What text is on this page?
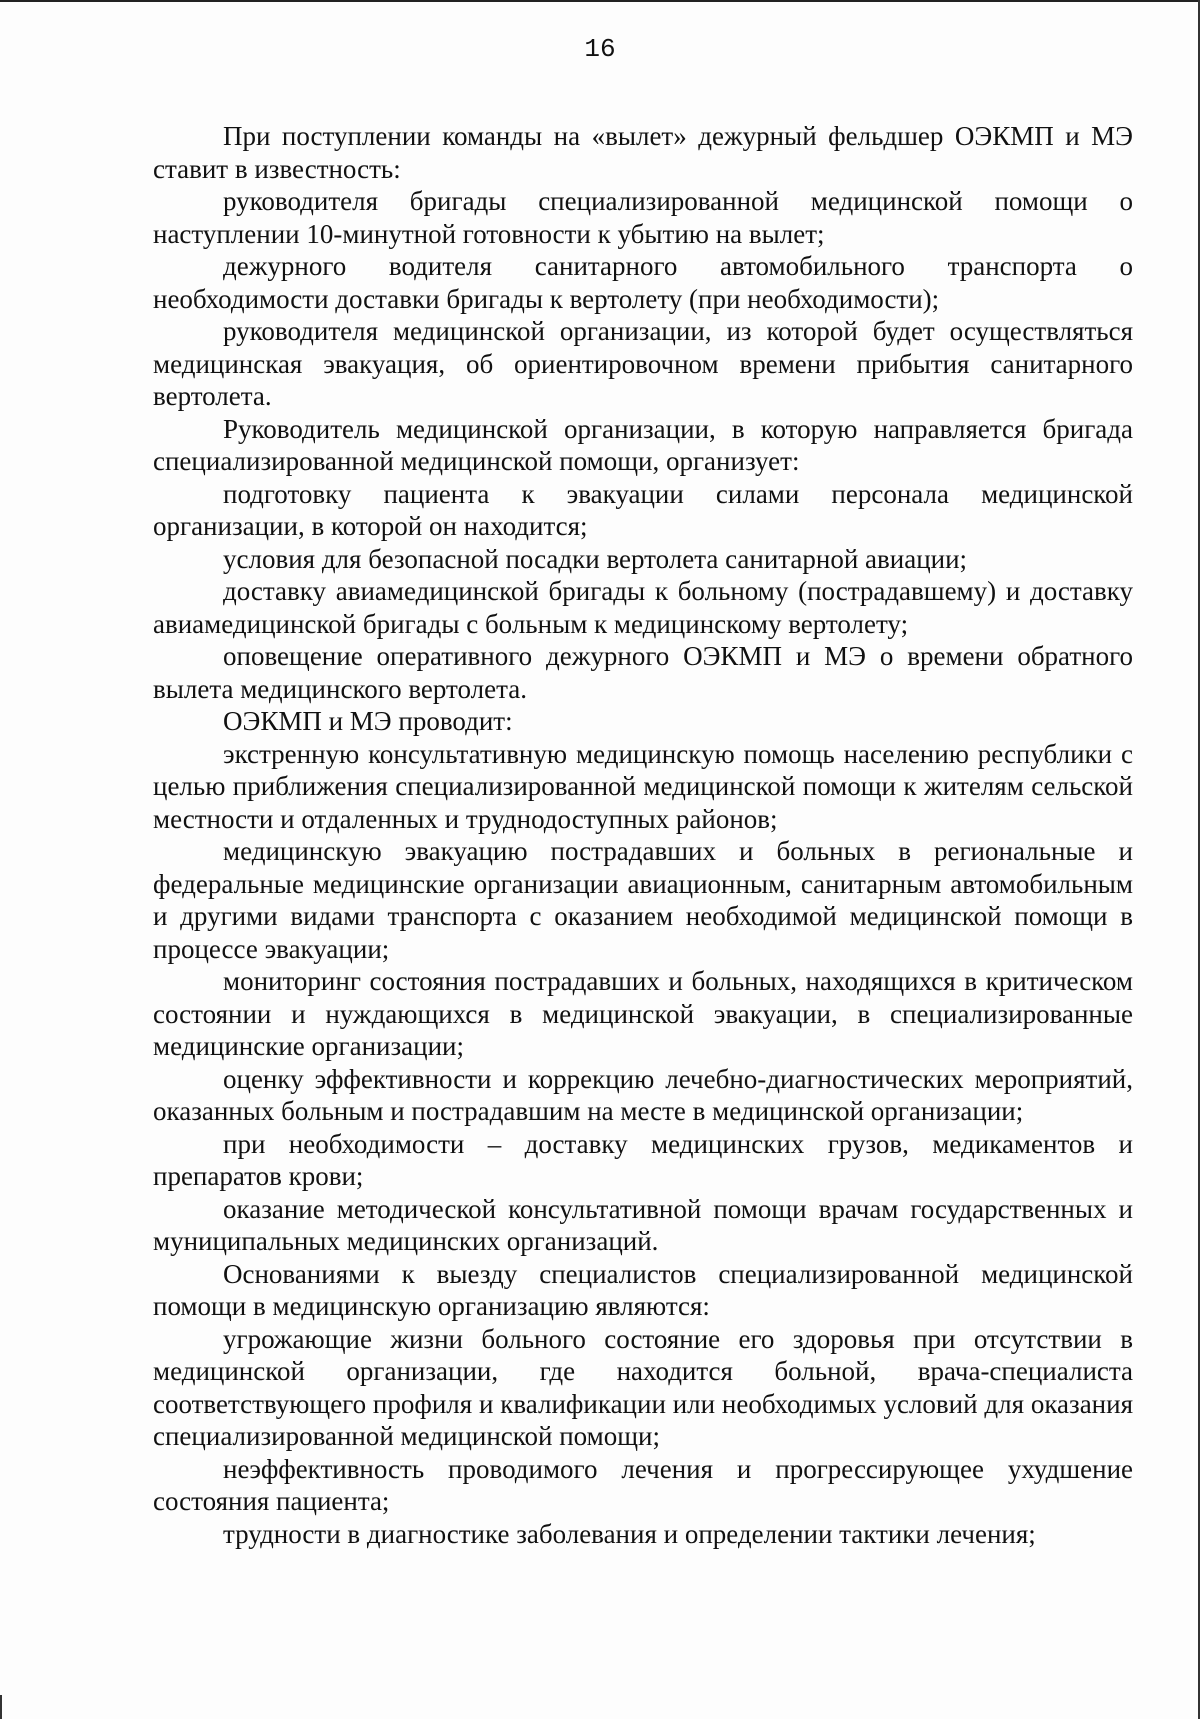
16

При поступлении команды на «вылет» дежурный фельдшер ОЭКМП и МЭ ставит в известность:

руководителя бригады специализированной медицинской помощи о наступлении 10-минутной готовности к убытию на вылет;

дежурного водителя санитарного автомобильного транспорта о необходимости доставки бригады к вертолету (при необходимости);

руководителя медицинской организации, из которой будет осуществляться медицинская эвакуация, об ориентировочном времени прибытия санитарного вертолета.

Руководитель медицинской организации, в которую направляется бригада специализированной медицинской помощи, организует:

подготовку пациента к эвакуации силами персонала медицинской организации, в которой он находится;

условия для безопасной посадки вертолета санитарной авиации;

доставку авиамедицинской бригады к больному (пострадавшему) и доставку авиамедицинской бригады с больным к медицинскому вертолету;

оповещение оперативного дежурного ОЭКМП и МЭ о времени обратного вылета медицинского вертолета.

ОЭКМП и МЭ проводит:

экстренную консультативную медицинскую помощь населению республики с целью приближения специализированной медицинской помощи к жителям сельской местности и отдаленных и труднодоступных районов;

медицинскую эвакуацию пострадавших и больных в региональные и федеральные медицинские организации авиационным, санитарным автомобильным и другими видами транспорта с оказанием необходимой медицинской помощи в процессе эвакуации;

мониторинг состояния пострадавших и больных, находящихся в критическом состоянии и нуждающихся в медицинской эвакуации, в специализированные медицинские организации;

оценку эффективности и коррекцию лечебно-диагностических мероприятий, оказанных больным и пострадавшим на месте в медицинской организации;

при необходимости – доставку медицинских грузов, медикаментов и препаратов крови;

оказание методической консультативной помощи врачам государственных и муниципальных медицинских организаций.

Основаниями к выезду специалистов специализированной медицинской помощи в медицинскую организацию являются:

угрожающие жизни больного состояние его здоровья при отсутствии в медицинской организации, где находится больной, врача-специалиста соответствующего профиля и квалификации или необходимых условий для оказания специализированной медицинской помощи;

неэффективность проводимого лечения и прогрессирующее ухудшение состояния пациента;

трудности в диагностике заболевания и определении тактики лечения;
